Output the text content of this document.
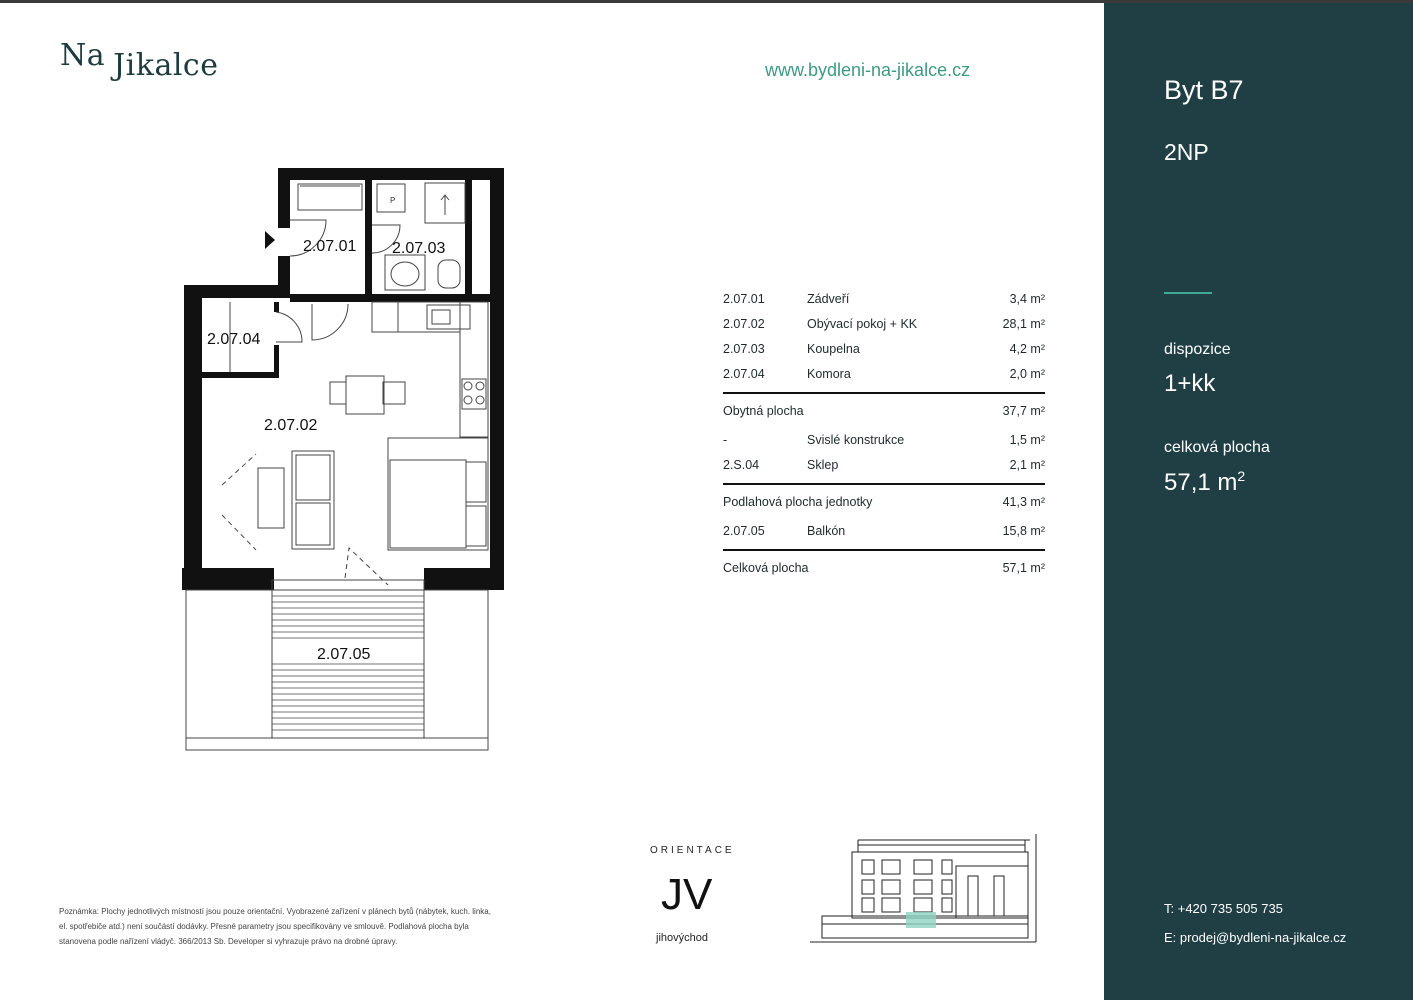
Na Jikalce	www.bydleni-na-jikalce.cz
P
2.07.01
2.07.02
2.07.03
2.07.04
2.07.05
2.07.01	Zádveří	3,4 m²
2.07.02	Obývací pokoj + KK	28,1 m²
2.07.03	Koupelna	4,2 m²
2.07.04	Komora	2,0 m²
Obytná plocha	37,7 m²
-	Svislé konstrukce	1,5 m²
2.S.04	Sklep	2,1 m²
Podlahová plocha jednotky	41,3 m²
2.07.05	Balkón	15,8 m²
Celková plocha	57,1 m²
ORIENTACE
JV
jihovýchod
Poznámka: Plochy jednotlivých místností jsou pouze orientační. Vyobrazené zařízení v plánech bytů (nábytek, kuch. linka, el. spotřebiče atd.) není součástí dodávky. Přesné parametry jsou specifikovány ve smlouvě. Podlahová plocha byla stanovena podle nařízení vládyč. 366/2013 Sb. Developer si vyhrazuje právo na drobné úpravy.
Byt B7
2NP
dispozice
1+kk
celková plocha
57,1 $m^2$
T: +420 735 505 735
E: prodej@bydleni-na-jikalce.cz
